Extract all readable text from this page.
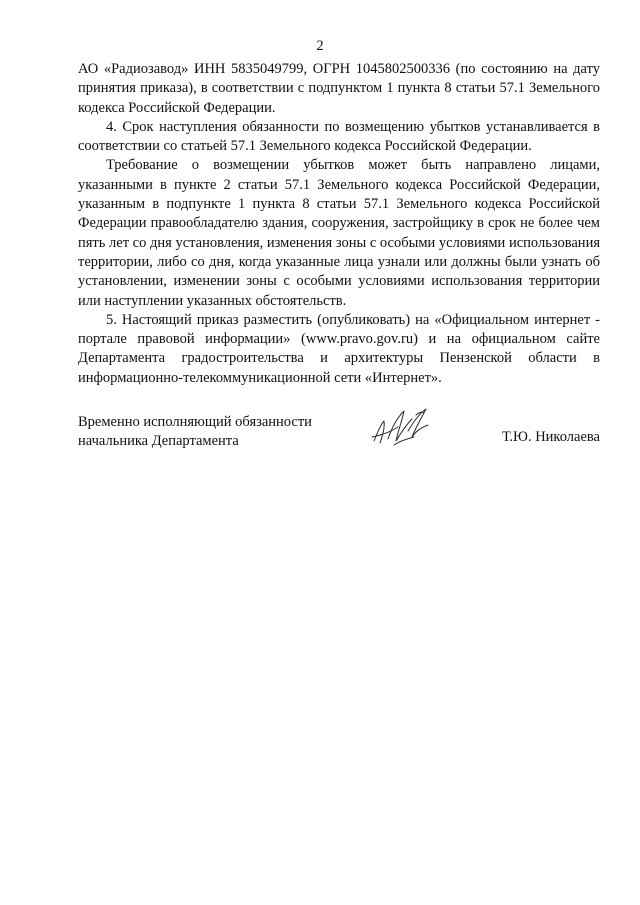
2

АО «Радиозавод» ИНН 5835049799, ОГРН 1045802500336 (по состоянию на дату принятия приказа), в соответствии с подпунктом 1 пункта 8 статьи 57.1 Земельного кодекса Российской Федерации.

4. Срок наступления обязанности по возмещению убытков устанавливается в соответствии со статьей 57.1 Земельного кодекса Российской Федерации.

Требование о возмещении убытков может быть направлено лицами, указанными в пункте 2 статьи 57.1 Земельного кодекса Российской Федерации, указанным в подпункте 1 пункта 8 статьи 57.1 Земельного кодекса Российской Федерации правообладателю здания, сооружения, застройщику в срок не более чем пять лет со дня установления, изменения зоны с особыми условиями использования территории, либо со дня, когда указанные лица узнали или должны были узнать об установлении, изменении зоны с особыми условиями использования территории или наступлении указанных обстоятельств.

5. Настоящий приказ разместить (опубликовать) на «Официальном интернет - портале правовой информации» (www.pravo.gov.ru) и на официальном сайте Департамента градостроительства и архитектуры Пензенской области в информационно-телекоммуникационной сети «Интернет».

Временно исполняющий обязанности
начальника Департамента	Т.Ю. Николаева
